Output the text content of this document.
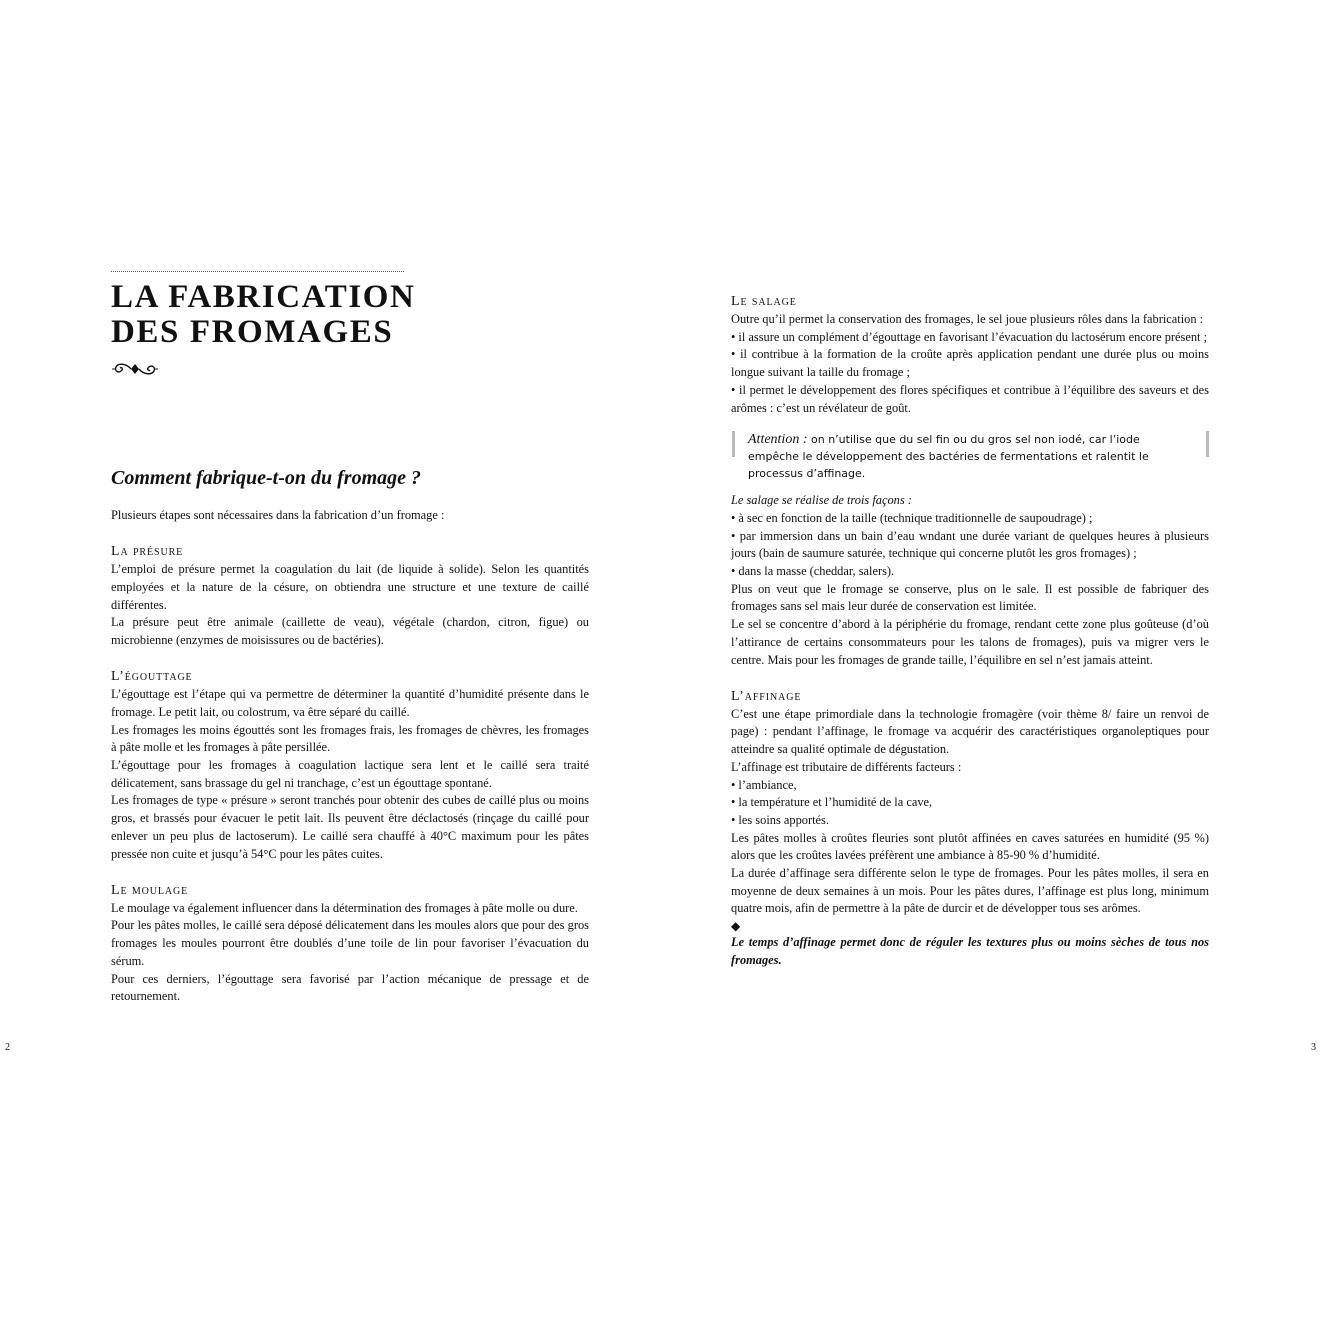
LA FABRICATION
DES FROMAGES
Comment fabrique-t-on du fromage ?

Plusieurs étapes sont nécessaires dans la fabrication d’un fromage :

La présure

L’emploi de présure permet la coagulation du lait (de liquide à solide). Selon les quantités employées et la nature de la césure, on obtiendra une structure et une texture de caillé différentes.

La présure peut être animale (caillette de veau), végétale (chardon, citron, figue) ou microbienne (enzymes de moisissures ou de bactéries).

L’égouttage

L’égouttage est l’étape qui va permettre de déterminer la quantité d’humidité présente dans le fromage. Le petit lait, ou colostrum, va être séparé du caillé.

Les fromages les moins égouttés sont les fromages frais, les fromages de chèvres, les fromages à pâte molle et les fromages à pâte persillée.

L’égouttage pour les fromages à coagulation lactique sera lent et le caillé sera traité délicatement, sans brassage du gel ni tranchage, c’est un égouttage spontané.

Les fromages de type « présure » seront tranchés pour obtenir des cubes de caillé plus ou moins gros, et brassés pour évacuer le petit lait. Ils peuvent être déclactosés (rinçage du caillé pour enlever un peu plus de lactoserum). Le caillé sera chauffé à 40°C maximum pour les pâtes pressée non cuite et jusqu’à 54°C pour les pâtes cuites.

Le moulage

Le moulage va également influencer dans la détermination des fromages à pâte molle ou dure.

Pour les pâtes molles, le caillé sera déposé délicatement dans les moules alors que pour des gros fromages les moules pourront être doublés d’une toile de lin pour favoriser l’évacuation du sérum.

Pour ces derniers, l’égouttage sera favorisé par l’action mécanique de pressage et de retournement.

2
Le salage

Outre qu’il permet la conservation des fromages, le sel joue plusieurs rôles dans la fabrication :

• il assure un complément d’égouttage en favorisant l’évacuation du lactosérum encore présent ;

• il contribue à la formation de la croûte après application pendant une durée plus ou moins longue suivant la taille du fromage ;

• il permet le développement des flores spécifiques et contribue à l’équilibre des saveurs et des arômes : c’est un révélateur de goût.

Attention : on n’utilise que du sel fin ou du gros sel non iodé, car l’iode empêche le développement des bactéries de fermentations et ralentit le processus d’affinage.

Le salage se réalise de trois façons :

• à sec en fonction de la taille (technique traditionnelle de saupoudrage) ;

• par immersion dans un bain d’eau wndant une durée variant de quelques heures à plusieurs jours (bain de saumure saturée, technique qui concerne plutôt les gros fromages) ;

• dans la masse (cheddar, salers).

Plus on veut que le fromage se conserve, plus on le sale. Il est possible de fabriquer des fromages sans sel mais leur durée de conservation est limitée.

Le sel se concentre d’abord à la périphérie du fromage, rendant cette zone plus goûteuse (d’où l’attirance de certains consommateurs pour les talons de fromages), puis va migrer vers le centre. Mais pour les fromages de grande taille, l’équilibre en sel n’est jamais atteint.

L’affinage

C’est une étape primordiale dans la technologie fromagère (voir thème 8/ faire un renvoi de page) : pendant l’affinage, le fromage va acquérir des caractéristiques organoleptiques pour atteindre sa qualité optimale de dégustation.

L’affinage est tributaire de différents facteurs :

• l’ambiance,

• la température et l’humidité de la cave,

• les soins apportés.

Les pâtes molles à croûtes fleuries sont plutôt affinées en caves saturées en humidité (95 %) alors que les croûtes lavées préfèrent une ambiance à 85-90 % d’humidité.

La durée d’affinage sera différente selon le type de fromages. Pour les pâtes molles, il sera en moyenne de deux semaines à un mois. Pour les pâtes dures, l’affinage est plus long, minimum quatre mois, afin de permettre à la pâte de durcir et de développer tous ses arômes.

◆

Le temps d’affinage permet donc de réguler les textures plus ou moins sèches de tous nos fromages.

3
